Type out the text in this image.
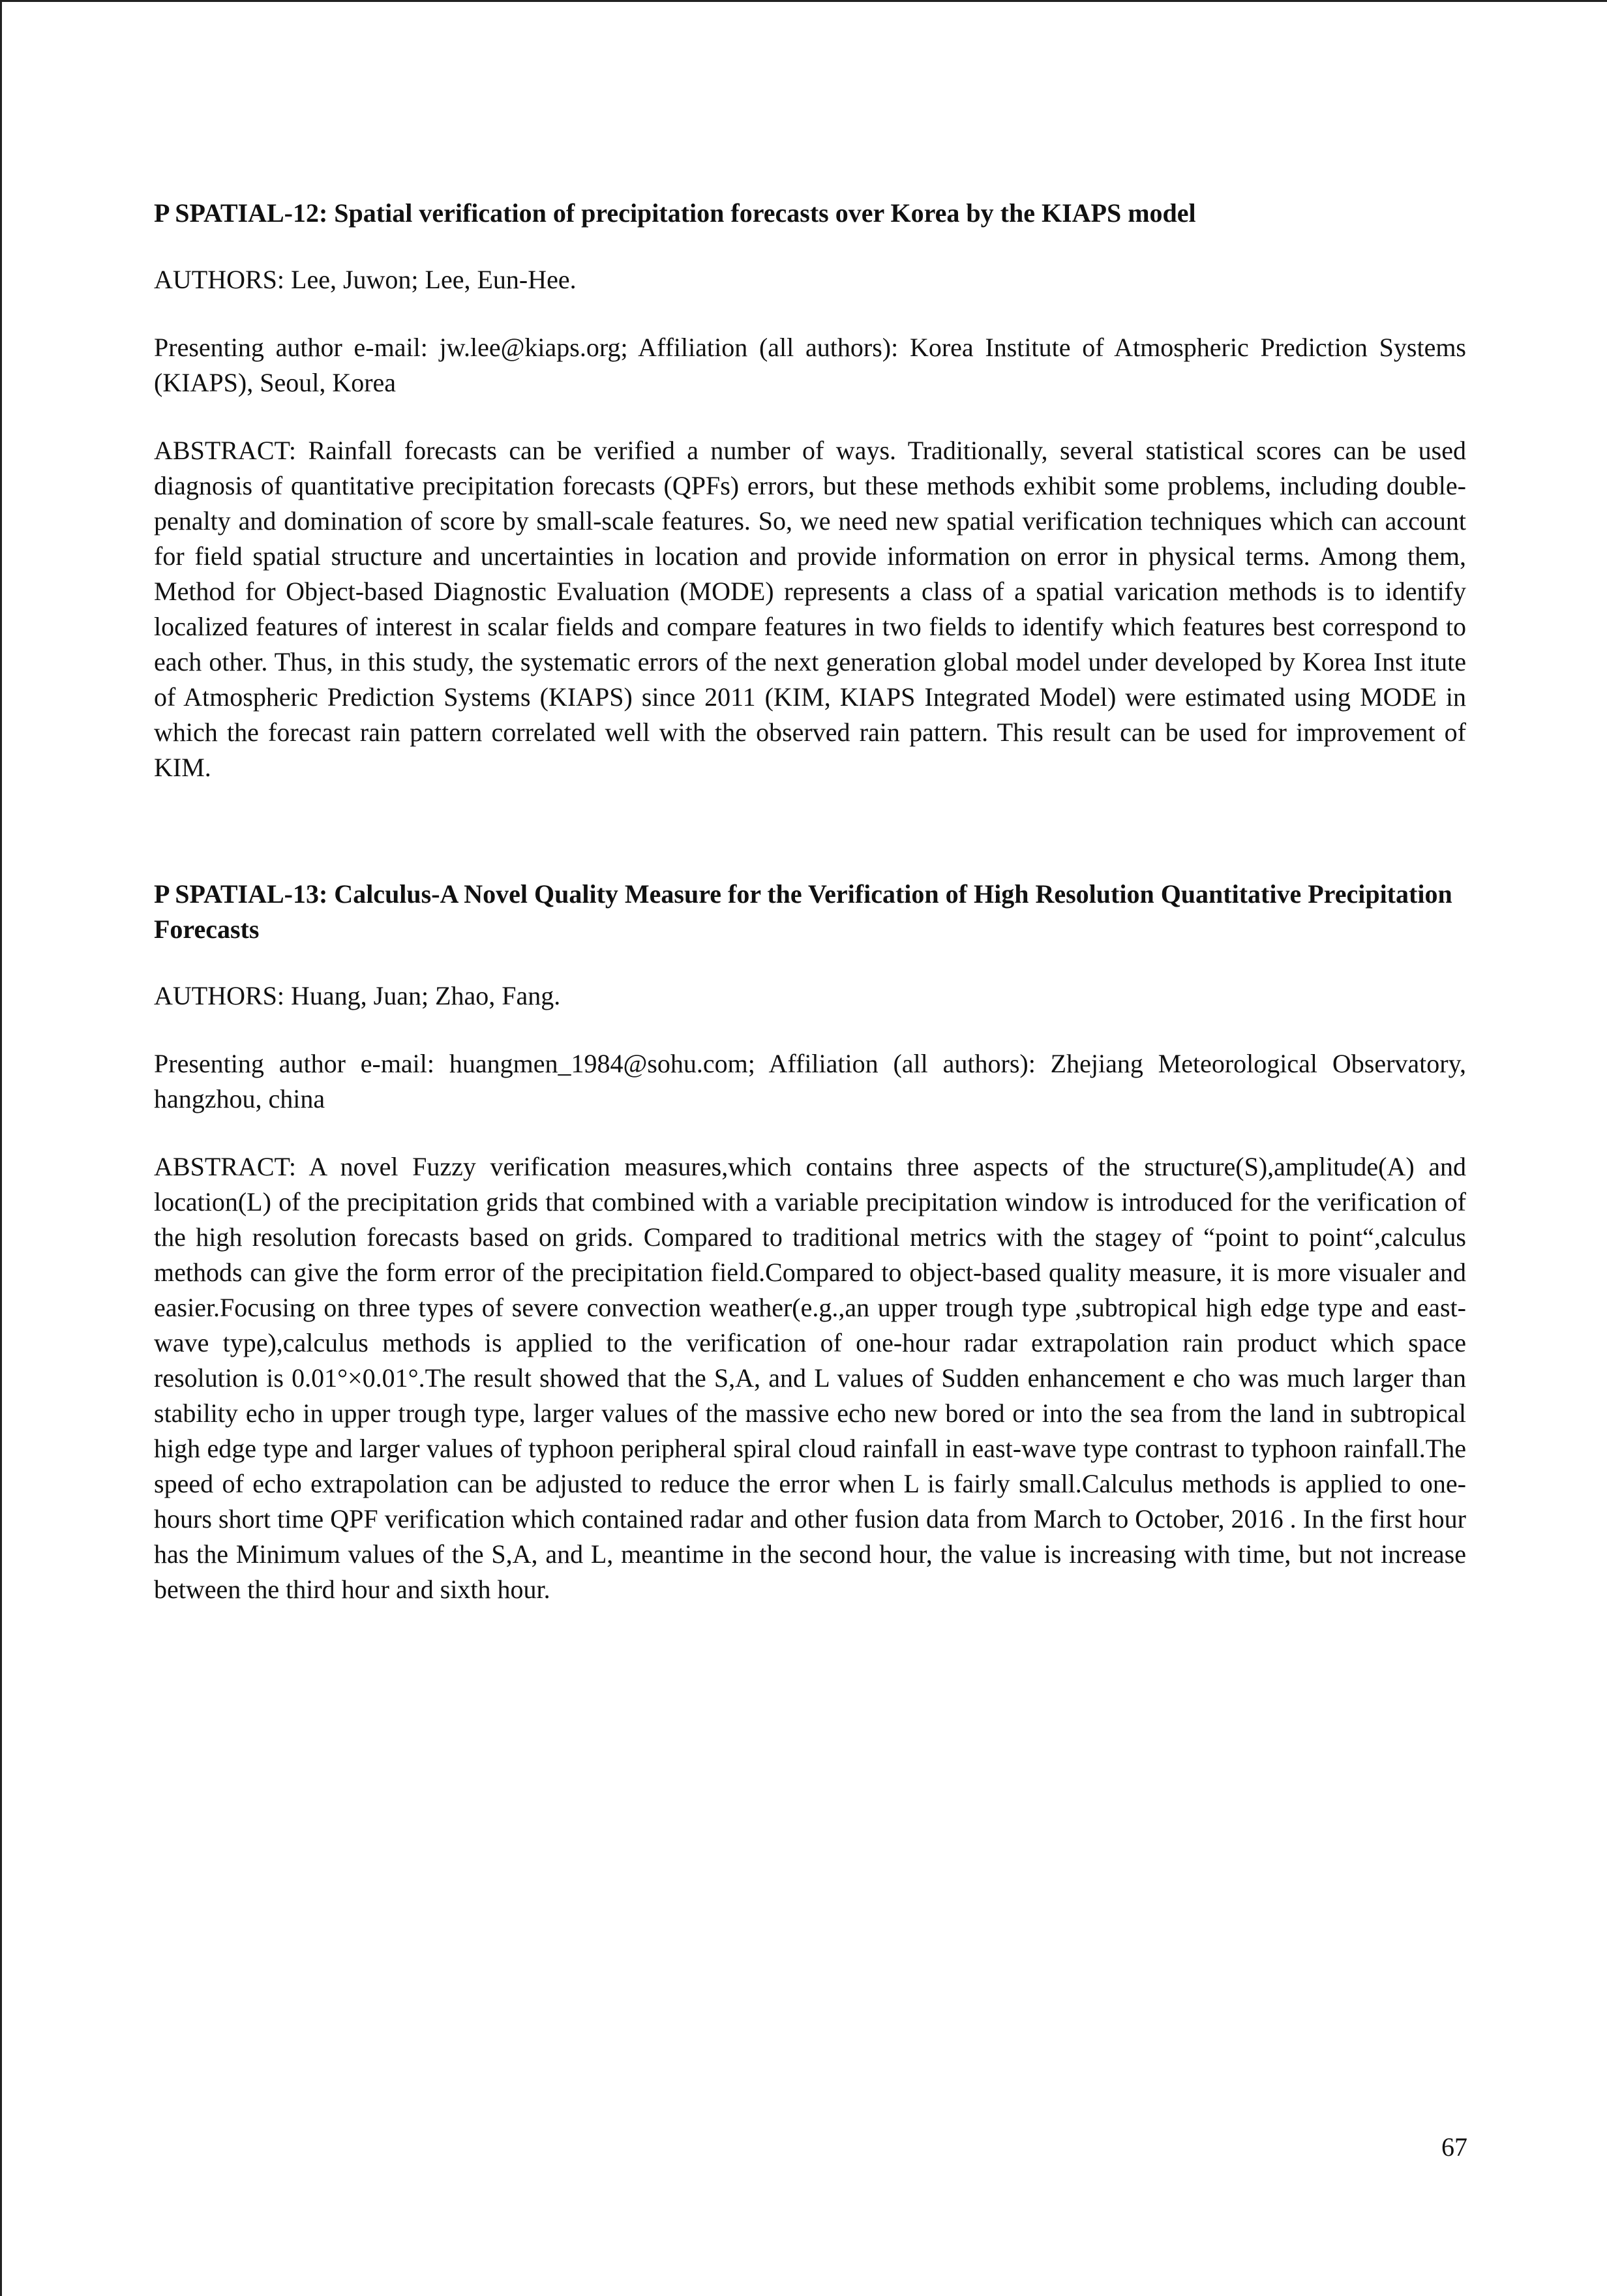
P SPATIAL-12: Spatial verification of precipitation forecasts over Korea by the KIAPS model

AUTHORS: Lee, Juwon; Lee, Eun-Hee.

Presenting author e-mail: jw.lee@kiaps.org; Affiliation (all authors): Korea Institute of Atmospheric Prediction Systems (KIAPS), Seoul, Korea

ABSTRACT: Rainfall forecasts can be verified a number of ways. Traditionally, several statistical scores can be used diagnosis of quantitative precipitation forecasts (QPFs) errors, but these methods exhibit some problems, including double-penalty and domination of score by small-scale features. So, we need new spatial verification techniques which can account for field spatial structure and uncertainties in location and provide information on error in physical terms. Among them, Method for Object-based Diagnostic Evaluation (MODE) represents a class of a spatial varication methods is to identify localized features of interest in scalar fields and compare features in two fields to identify which features best correspond to each other. Thus, in this study, the systematic errors of the next generation global model under developed by Korea Inst itute of Atmospheric Prediction Systems (KIAPS) since 2011 (KIM, KIAPS Integrated Model) were estimated using MODE in which the forecast rain pattern correlated well with the observed rain pattern. This result can be used for improvement of KIM.

P SPATIAL-13: Calculus-A Novel Quality Measure for the Verification of High Resolution Quantitative Precipitation Forecasts

AUTHORS: Huang, Juan; Zhao, Fang.

Presenting author e-mail: huangmen_1984@sohu.com; Affiliation (all authors): Zhejiang Meteorological Observatory, hangzhou, china

ABSTRACT: A novel Fuzzy verification measures,which contains three aspects of the structure(S),amplitude(A) and location(L) of the precipitation grids that combined with a variable precipitation window is introduced for the verification of the high resolution forecasts based on grids. Compared to traditional metrics with the stagey of “point to point“,calculus methods can give the form error of the precipitation field.Compared to object-based quality measure, it is more visualer and easier.Focusing on three types of severe convection weather(e.g.,an upper trough type ,subtropical high edge type and east-wave type),calculus methods is applied to the verification of one-hour radar extrapolation rain product which space resolution is 0.01°×0.01°.The result showed that the S,A, and L values of Sudden enhancement e cho was much larger than stability echo in upper trough type, larger values of the massive echo new bored or into the sea from the land in subtropical high edge type and larger values of typhoon peripheral spiral cloud rainfall in east-wave type contrast to typhoon rainfall.The speed of echo extrapolation can be adjusted to reduce the error when L is fairly small.Calculus methods is applied to one-hours short time QPF verification which contained radar and other fusion data from March to October, 2016 . In the first hour has the Minimum values of the S,A, and L, meantime in the second hour, the value is increasing with time, but not increase between the third hour and sixth hour.

67
